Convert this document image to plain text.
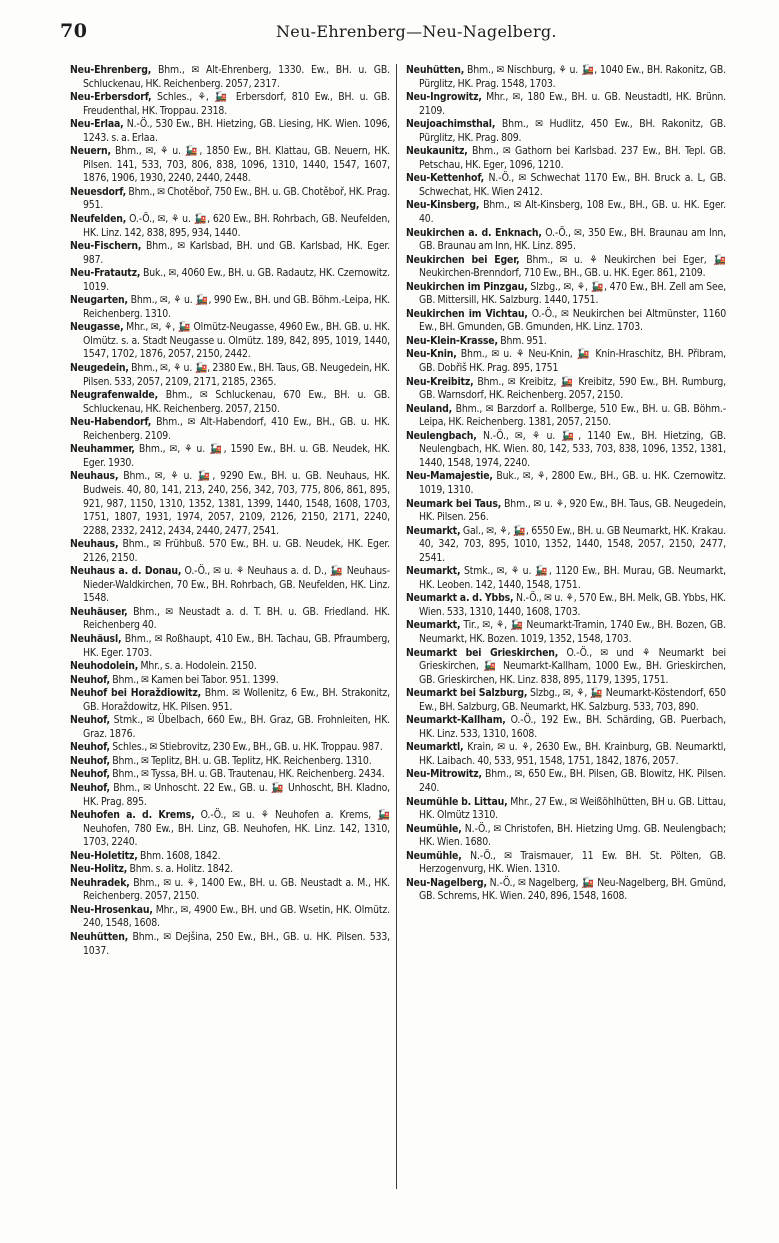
70	Neu-Ehrenberg—Neu-Nagelberg.

Neu-Ehrenberg, Bhm., ✉ Alt-Ehrenberg, 1330. Ew., BH. u. GB. Schluckenau, HK. Reichenberg. 2057, 2317.

Neu-Erbersdorf, Schles., ⚘, 🚂 Erbersdorf, 810 Ew., BH. u. GB. Freudenthal, HK. Troppau. 2318.

Neu-Erlaa, N.-Ö., 530 Ew., BH. Hietzing, GB. Liesing, HK. Wien. 1096, 1243. s. a. Erlaa.

Neuern, Bhm., ✉, ⚘ u. 🚂, 1850 Ew., BH. Klattau, GB. Neuern, HK. Pilsen. 141, 533, 703, 806, 838, 1096, 1310, 1440, 1547, 1607, 1876, 1906, 1930, 2240, 2440, 2448.

Neuesdorf, Bhm., ✉ Chotěboř, 750 Ew., BH. u. GB. Chotěboř, HK. Prag. 951.

Neufelden, O.-Ö., ✉, ⚘ u. 🚂, 620 Ew., BH. Rohrbach, GB. Neufelden, HK. Linz. 142, 838, 895, 934, 1440.

Neu-Fischern, Bhm., ✉ Karlsbad, BH. und GB. Karlsbad, HK. Eger. 987.

Neu-Fratautz, Buk., ✉, 4060 Ew., BH. u. GB. Radautz, HK. Czernowitz. 1019.

Neugarten, Bhm., ✉, ⚘ u. 🚂, 990 Ew., BH. und GB. Böhm.-Leipa, HK. Reichenberg. 1310.

Neugasse, Mhr., ✉, ⚘, 🚂 Olmütz-Neugasse, 4960 Ew., BH. GB. u. HK. Olmütz. s. a. Stadt Neugasse u. Olmütz. 189, 842, 895, 1019, 1440, 1547, 1702, 1876, 2057, 2150, 2442.

Neugedein, Bhm., ✉, ⚘ u. 🚂, 2380 Ew., BH. Taus, GB. Neugedein, HK. Pilsen. 533, 2057, 2109, 2171, 2185, 2365.

Neugrafenwalde, Bhm., ✉ Schluckenau, 670 Ew., BH. u. GB. Schluckenau, HK. Reichenberg. 2057, 2150.

Neu-Habendorf, Bhm., ✉ Alt-Habendorf, 410 Ew., BH., GB. u. HK. Reichenberg. 2109.

Neuhammer, Bhm., ✉, ⚘ u. 🚂, 1590 Ew., BH. u. GB. Neudek, HK. Eger. 1930.

Neuhaus, Bhm., ✉, ⚘ u. 🚂, 9290 Ew., BH. u. GB. Neuhaus, HK. Budweis. 40, 80, 141, 213, 240, 256, 342, 703, 775, 806, 861, 895, 921, 987, 1150, 1310, 1352, 1381, 1399, 1440, 1548, 1608, 1703, 1751, 1807, 1931, 1974, 2057, 2109, 2126, 2150, 2171, 2240, 2288, 2332, 2412, 2434, 2440, 2477, 2541.

Neuhaus, Bhm., ✉ Frühbuß. 570 Ew., BH. u. GB. Neudek, HK. Eger. 2126, 2150.

Neuhaus a. d. Donau, O.-Ö., ✉ u. ⚘ Neuhaus a. d. D., 🚂 Neuhaus-Nieder-Waldkirchen, 70 Ew., BH. Rohrbach, GB. Neufelden, HK. Linz. 1548.

Neuhäuser, Bhm., ✉ Neustadt a. d. T. BH. u. GB. Friedland. HK. Reichenberg 40.

Neuhäusl, Bhm., ✉ Roßhaupt, 410 Ew., BH. Tachau, GB. Pfraumberg, HK. Eger. 1703.

Neuhodolein, Mhr., s. a. Hodolein. 2150.

Neuhof, Bhm., ✉ Kamen bei Tabor. 951. 1399.

Neuhof bei Horaždiowitz, Bhm. ✉ Wollenitz, 6 Ew., BH. Strakonitz, GB. Horaždowitz, HK. Pilsen. 951.

Neuhof, Stmk., ✉ Übelbach, 660 Ew., BH. Graz, GB. Frohnleiten, HK. Graz. 1876.

Neuhof, Schles., ✉ Stiebrovitz, 230 Ew., BH., GB. u. HK. Troppau. 987.

Neuhof, Bhm., ✉ Teplitz, BH. u. GB. Teplitz, HK. Reichenberg. 1310.

Neuhof, Bhm., ✉ Tyssa, BH. u. GB. Trautenau, HK. Reichenberg. 2434.

Neuhof, Bhm., ✉ Unhoscht. 22 Ew., GB. u. 🚂 Unhoscht, BH. Kladno, HK. Prag. 895.

Neuhofen a. d. Krems, O.-Ö., ✉ u. ⚘ Neuhofen a. Krems, 🚂 Neuhofen, 780 Ew., BH. Linz, GB. Neuhofen, HK. Linz. 142, 1310, 1703, 2240.

Neu-Holetitz, Bhm. 1608, 1842.

Neu-Holitz, Bhm. s. a. Holitz. 1842.

Neuhradek, Bhm., ✉ u. ⚘, 1400 Ew., BH. u. GB. Neustadt a. M., HK. Reichenberg. 2057, 2150.

Neu-Hrosenkau, Mhr., ✉, 4900 Ew., BH. und GB. Wsetin, HK. Olmütz. 240, 1548, 1608.

Neuhütten, Bhm., ✉ Dejšina, 250 Ew., BH., GB. u. HK. Pilsen. 533, 1037.

Neuhütten, Bhm., ✉ Nischburg, ⚘ u. 🚂, 1040 Ew., BH. Rakonitz, GB. Pürglitz, HK. Prag. 1548, 1703.

Neu-Ingrowitz, Mhr., ✉, 180 Ew., BH. u. GB. Neustadtl, HK. Brünn. 2109.

Neujoachimsthal, Bhm., ✉ Hudlitz, 450 Ew., BH. Rakonitz, GB. Pürglitz, HK. Prag. 809.

Neukaunitz, Bhm., ✉ Gathorn bei Karlsbad. 237 Ew., BH. Tepl. GB. Petschau, HK. Eger, 1096, 1210.

Neu-Kettenhof, N.-Ö., ✉ Schwechat 1170 Ew., BH. Bruck a. L, GB. Schwechat, HK. Wien 2412.

Neu-Kinsberg, Bhm., ✉ Alt-Kinsberg, 108 Ew., BH., GB. u. HK. Eger. 40.

Neukirchen a. d. Enknach, O.-Ö., ✉, 350 Ew., BH. Braunau am Inn, GB. Braunau am Inn, HK. Linz. 895.

Neukirchen bei Eger, Bhm., ✉ u. ⚘ Neukirchen bei Eger, 🚂 Neukirchen-Brenndorf, 710 Ew., BH., GB. u. HK. Eger. 861, 2109.

Neukirchen im Pinzgau, Slzbg., ✉, ⚘, 🚂, 470 Ew., BH. Zell am See, GB. Mittersill, HK. Salzburg. 1440, 1751.

Neukirchen im Vichtau, O.-Ö., ✉ Neukirchen bei Altmünster, 1160 Ew., BH. Gmunden, GB. Gmunden, HK. Linz. 1703.

Neu-Klein-Krasse, Bhm. 951.

Neu-Knin, Bhm., ✉ u. ⚘ Neu-Knin, 🚂 Knin-Hraschitz, BH. Přibram, GB. Dobřiš HK. Prag. 895, 1751

Neu-Kreibitz, Bhm., ✉ Kreibitz, 🚂 Kreibitz, 590 Ew., BH. Rumburg, GB. Warnsdorf, HK. Reichenberg. 2057, 2150.

Neuland, Bhm., ✉ Barzdorf a. Rollberge, 510 Ew., BH. u. GB. Böhm.-Leipa, HK. Reichenberg. 1381, 2057, 2150.

Neulengbach, N.-Ö., ✉, ⚘ u. 🚂, 1140 Ew., BH. Hietzing, GB. Neulengbach, HK. Wien. 80, 142, 533, 703, 838, 1096, 1352, 1381, 1440, 1548, 1974, 2240.

Neu-Mamajestie, Buk., ✉, ⚘, 2800 Ew., BH., GB. u. HK. Czernowitz. 1019, 1310.

Neumark bei Taus, Bhm., ✉ u. ⚘, 920 Ew., BH. Taus, GB. Neugedein, HK. Pilsen. 256.

Neumarkt, Gal., ✉, ⚘, 🚂, 6550 Ew., BH. u. GB Neumarkt, HK. Krakau. 40, 342, 703, 895, 1010, 1352, 1440, 1548, 2057, 2150, 2477, 2541.

Neumarkt, Stmk., ✉, ⚘ u. 🚂, 1120 Ew., BH. Murau, GB. Neumarkt, HK. Leoben. 142, 1440, 1548, 1751.

Neumarkt a. d. Ybbs, N.-Ö., ✉ u. ⚘, 570 Ew., BH. Melk, GB. Ybbs, HK. Wien. 533, 1310, 1440, 1608, 1703.

Neumarkt, Tir., ✉, ⚘, 🚂 Neumarkt-Tramin, 1740 Ew., BH. Bozen, GB. Neumarkt, HK. Bozen. 1019, 1352, 1548, 1703.

Neumarkt bei Grieskirchen, O.-Ö., ✉ und ⚘ Neumarkt bei Grieskirchen, 🚂 Neumarkt-Kallham, 1000 Ew., BH. Grieskirchen, GB. Grieskirchen, HK. Linz. 838, 895, 1179, 1395, 1751.

Neumarkt bei Salzburg, Slzbg., ✉, ⚘, 🚂 Neumarkt-Köstendorf, 650 Ew., BH. Salzburg, GB. Neumarkt, HK. Salzburg. 533, 703, 890.

Neumarkt-Kallham, O.-Ö., 192 Ew., BH. Schärding, GB. Puerbach, HK. Linz. 533, 1310, 1608.

Neumarktl, Krain, ✉ u. ⚘, 2630 Ew., BH. Krainburg, GB. Neumarktl, HK. Laibach. 40, 533, 951, 1548, 1751, 1842, 1876, 2057.

Neu-Mitrowitz, Bhm., ✉, 650 Ew., BH. Pilsen, GB. Blowitz, HK. Pilsen. 240.

Neumühle b. Littau, Mhr., 27 Ew., ✉ Weißöhlhütten, BH u. GB. Littau, HK. Olmütz 1310.

Neumühle, N.-Ö., ✉ Christofen, BH. Hietzing Umg. GB. Neulengbach; HK. Wien. 1680.

Neumühle, N.-Ö., ✉ Traismauer, 11 Ew. BH. St. Pölten, GB. Herzogenvurg, HK. Wien. 1310.

Neu-Nagelberg, N.-Ö., ✉ Nagelberg, 🚂 Neu-Nagelberg, BH. Gmünd, GB. Schrems, HK. Wien. 240, 896, 1548, 1608.
